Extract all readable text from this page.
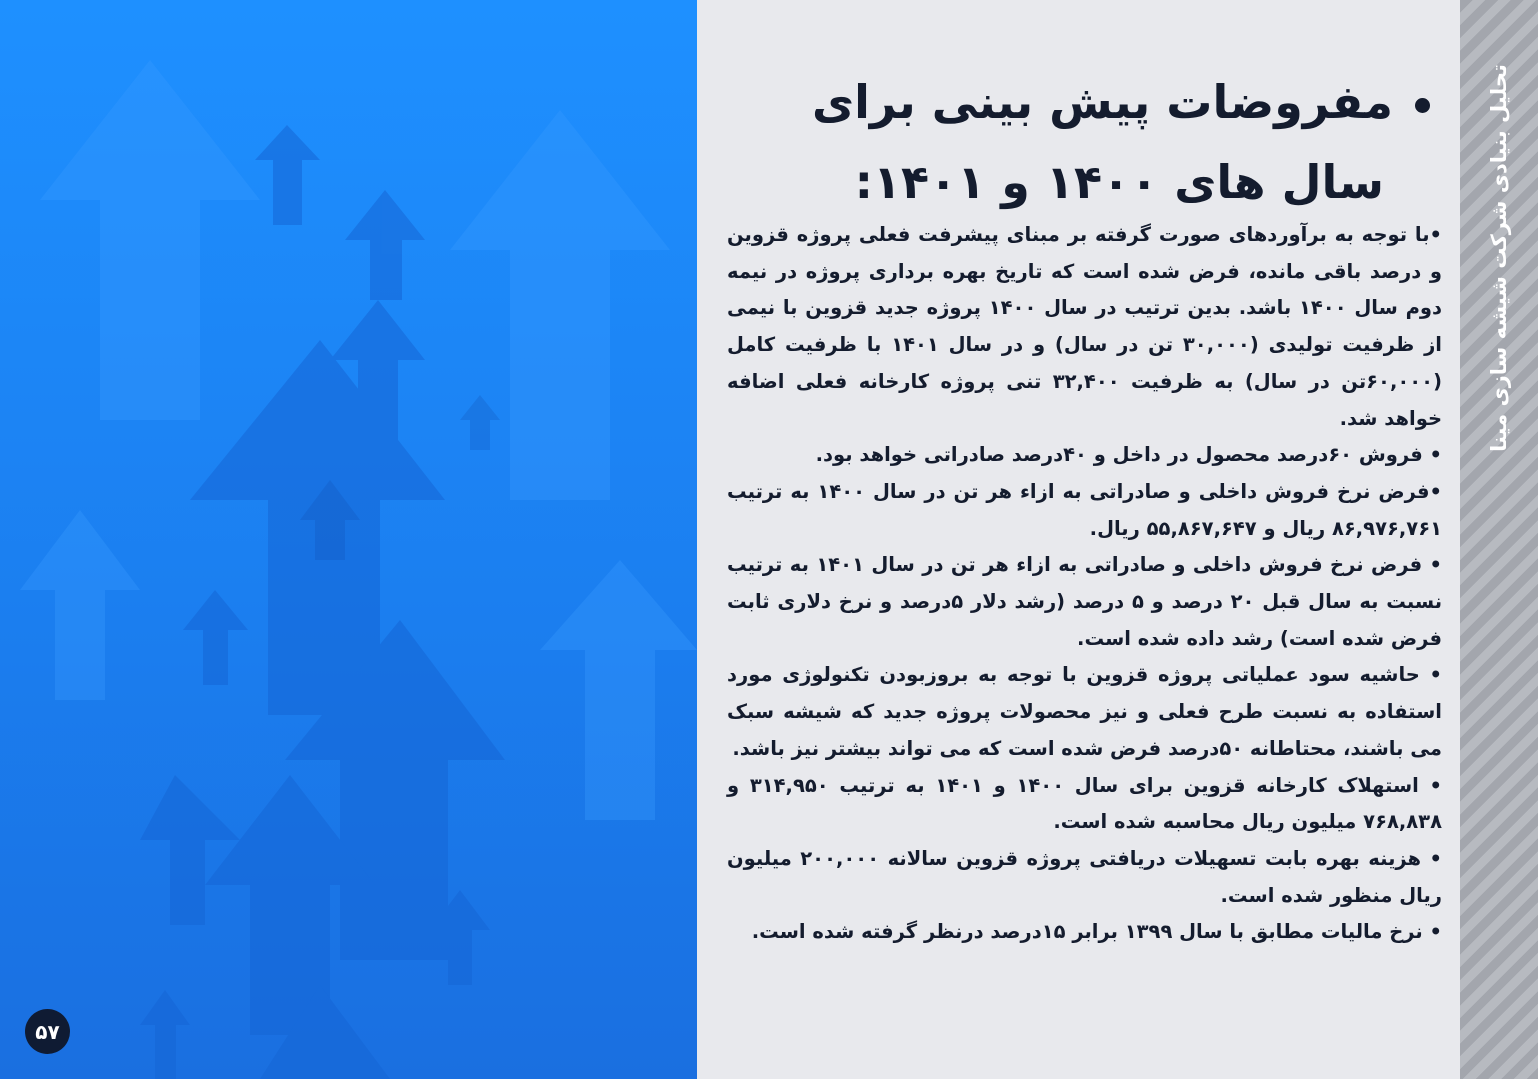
۵۷
تحلیل بنیادی شرکت شیشه سازی مینا
مفروضات پیش بینی برای
سال های ۱۴۰۰ و ۱۴۰۱:

•با توجه به برآوردهای صورت گرفته بر مبنای پیشرفت فعلی پروژه قزوین و درصد باقی مانده، فرض شده است که تاریخ بهره برداری پروژه در نیمه دوم سال ۱۴۰۰ باشد. بدین ترتیب در سال ۱۴۰۰ پروژه جدید قزوین با نیمی از ظرفیت تولیدی (۳۰,۰۰۰ تن در سال) و در سال ۱۴۰۱ با ظرفیت کامل (۶۰,۰۰۰تن در سال) به ظرفیت ۳۲,۴۰۰ تنی پروژه کارخانه فعلی اضافه خواهد شد.

• فروش ۶۰درصد محصول در داخل و ۴۰درصد صادراتی خواهد بود.

•فرض نرخ فروش داخلی و صادراتی به ازاء هر تن در سال ۱۴۰۰ به ترتیب ۸۶,۹۷۶,۷۶۱ ریال و ۵۵,۸۶۷,۶۴۷ ریال.

• فرض نرخ فروش داخلی و صادراتی به ازاء هر تن در سال ۱۴۰۱ به ترتیب نسبت به سال قبل ۲۰ درصد و ۵ درصد (رشد دلار ۵درصد و نرخ دلاری ثابت فرض شده است) رشد داده شده است.

• حاشیه سود عملیاتی پروژه قزوین با توجه به بروزبودن تکنولوژی مورد استفاده به نسبت طرح فعلی و نیز محصولات پروژه جدید که شیشه سبک می باشند، محتاطانه ۵۰درصد فرض شده است که می تواند بیشتر نیز باشد.

• استهلاک کارخانه قزوین برای سال ۱۴۰۰ و ۱۴۰۱ به ترتیب ۳۱۴,۹۵۰ و ۷۶۸,۸۳۸ میلیون ریال محاسبه شده است.

• هزینه بهره بابت تسهیلات دریافتی پروژه قزوین سالانه ۲۰۰,۰۰۰ میلیون ریال منظور شده است.

• نرخ مالیات مطابق با سال ۱۳۹۹ برابر ۱۵درصد درنظر گرفته شده است.
